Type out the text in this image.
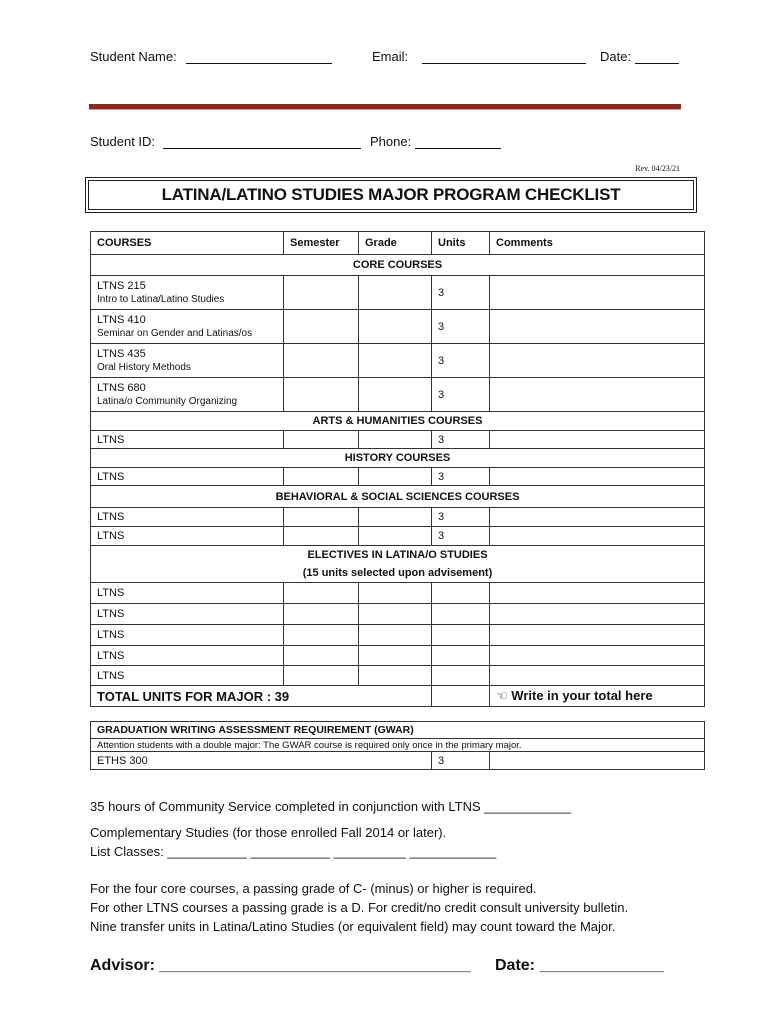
Student Name:	Email:	Date:
Student ID:	Phone:
Rev. 04/23/21
LATINA/LATINO STUDIES MAJOR PROGRAM CHECKLIST
COURSES	Semester	Grade	Units	Comments
CORE COURSES				

LTNS 215
Intro to Latina/Latino Studies			3	

LTNS 410
Seminar on Gender and Latinas/os			3	

LTNS 435
Oral History Methods			3	

LTNS 680
Latina/o Community Organizing			3	
ARTS & HUMANITIES COURSES				
LTNS			3	
HISTORY COURSES				
LTNS			3	
BEHAVIORAL & SOCIAL SCIENCES COURSES				
LTNS			3	
LTNS			3	

ELECTIVES IN LATINA/O STUDIES
(15 units selected upon advisement)				

LTNS				
LTNS				
LTNS				
LTNS				
LTNS				
TOTAL UNITS FOR MAJOR : 39				☜ Write in your total here
GRADUATION WRITING ASSESSMENT REQUIREMENT (GWAR)
Attention students with a double major: The GWAR course is required only once in the primary major.
ETHS 300	3	
35 hours of Community Service completed in conjunction with LTNS ____________
Complementary Studies (for those enrolled Fall 2014 or later).
List Classes: ___________ ___________ __________ ____________
For the four core courses, a passing grade of C- (minus) or higher is required.
For other LTNS courses a passing grade is a D. For credit/no credit consult university bulletin.
Nine transfer units in Latina/Latino Studies (or equivalent field) may count toward the Major.
Advisor: ___________________________________ Date: ______________
